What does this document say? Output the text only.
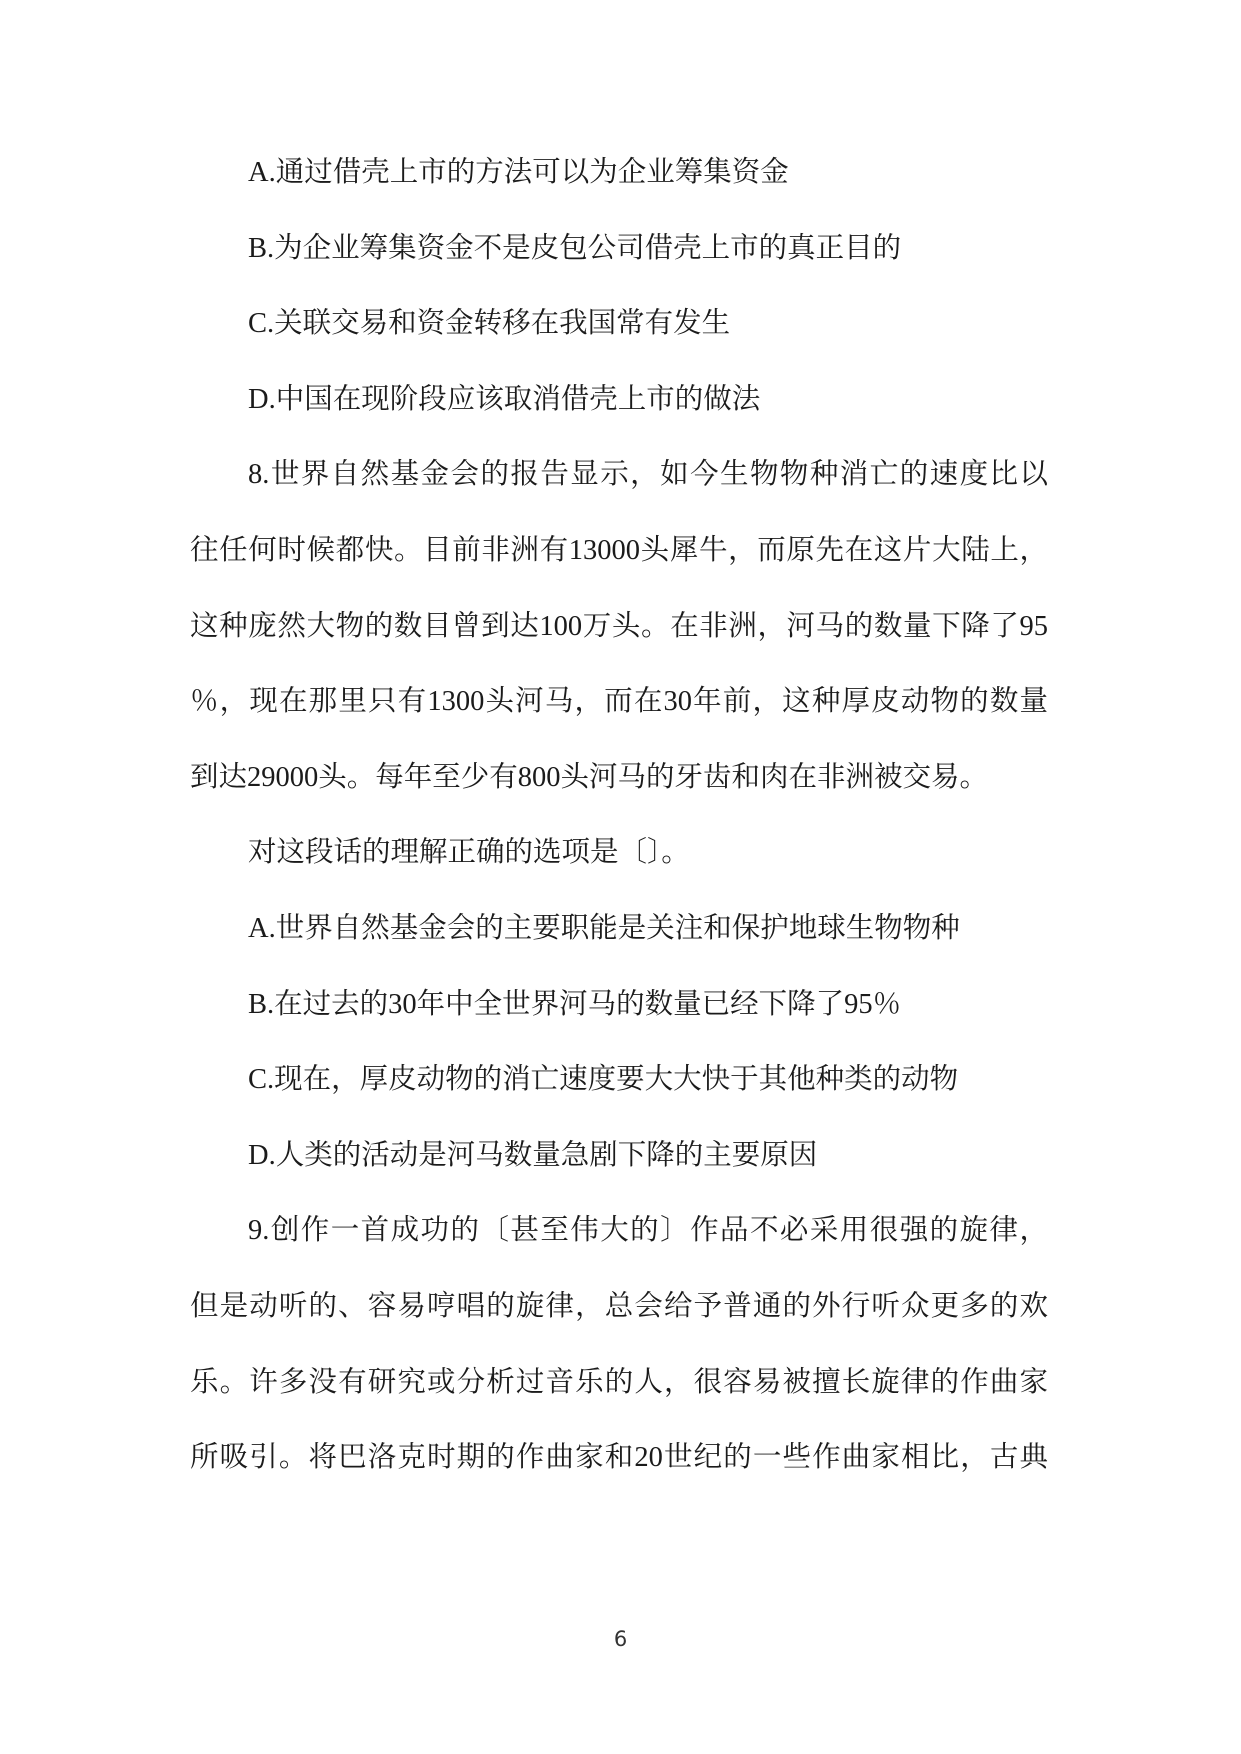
A.通过借壳上市的方法可以为企业筹集资金
B.为企业筹集资金不是皮包公司借壳上市的真正目的
C.关联交易和资金转移在我国常有发生
D.中国在现阶段应该取消借壳上市的做法
8.世界自然基金会的报告显示，如今生物物种消亡的速度比以
往任何时候都快。目前非洲有13000头犀牛，而原先在这片大陆上，
这种庞然大物的数目曾到达100万头。在非洲，河马的数量下降了95
％，现在那里只有1300头河马，而在30年前，这种厚皮动物的数量
到达29000头。每年至少有800头河马的牙齿和肉在非洲被交易。
对这段话的理解正确的选项是〔〕。
A.世界自然基金会的主要职能是关注和保护地球生物物种
B.在过去的30年中全世界河马的数量已经下降了95％
C.现在，厚皮动物的消亡速度要大大快于其他种类的动物
D.人类的活动是河马数量急剧下降的主要原因
9.创作一首成功的〔甚至伟大的〕作品不必采用很强的旋律，
但是动听的、容易哼唱的旋律，总会给予普通的外行听众更多的欢
乐。许多没有研究或分析过音乐的人，很容易被擅长旋律的作曲家
所吸引。将巴洛克时期的作曲家和20世纪的一些作曲家相比，古典
6
